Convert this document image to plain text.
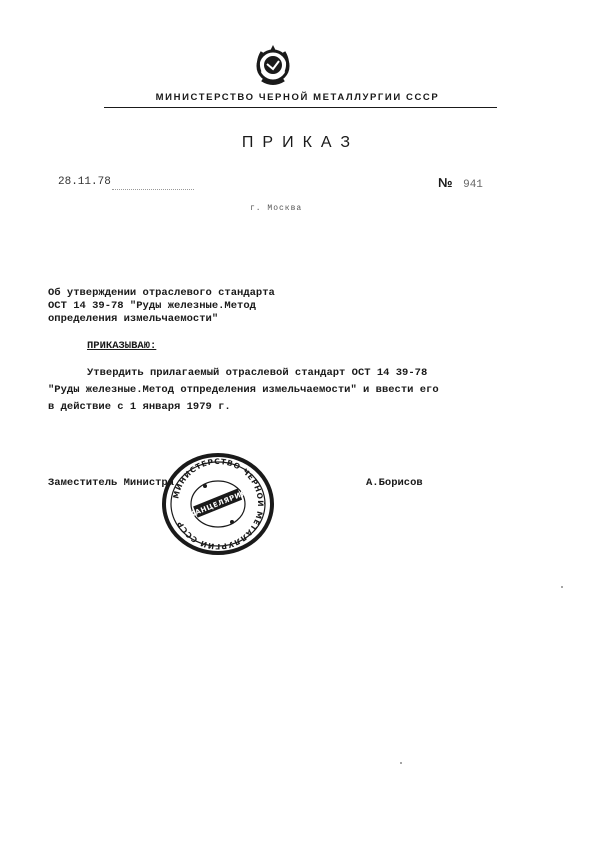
МИНИСТЕРСТВО ЧЕРНОЙ МЕТАЛЛУРГИИ СССР
ПРИКАЗ
28.11.78	№ 941
г. Москва
Об утверждении отраслевого стандарта
ОСТ 14 39-78 "Руды железные.Метод
определения измельчаемости"
ПРИКАЗЫВАЮ:
Утвердить прилагаемый отраслевой стандарт ОСТ 14 39-78
"Руды железные.Метод отпределения измельчаемости" и ввести его
в действие с 1 января 1979 г.
Заместитель Министра	А.Борисов
МИНИСТЕРСТВО ЧЕРНОЙ МЕТАЛЛУРГИИ СССР
КАНЦЕЛЯРИЯ
